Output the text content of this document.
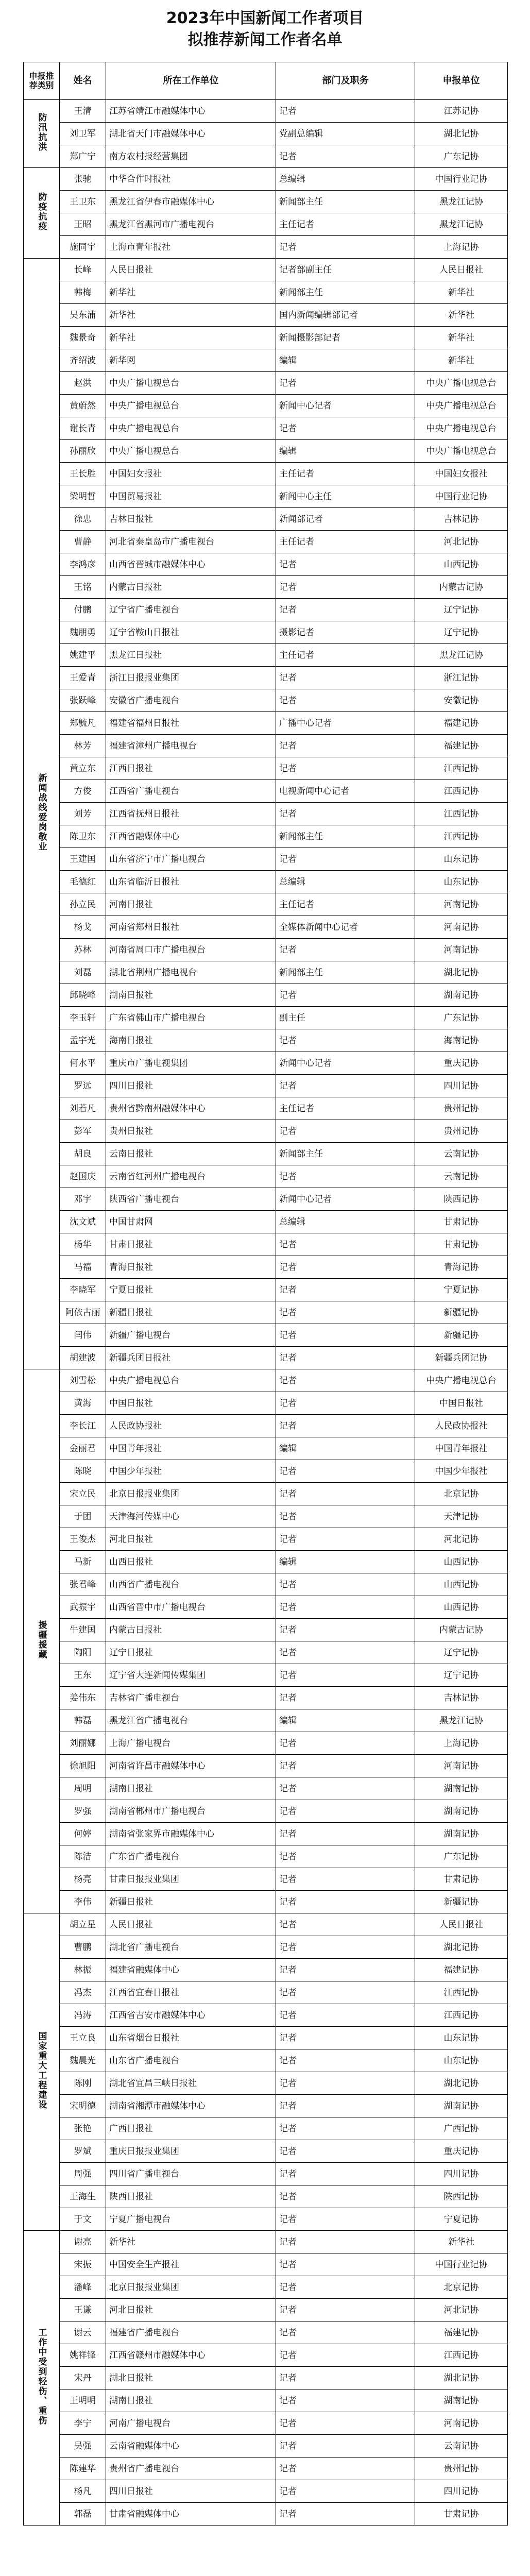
2023年中国新闻工作者项目
拟推荐新闻工作者名单
申报推荐类别	姓名	所在工作单位	部门及职务	申报单位
防汛抗洪	王清	江苏省靖江市融媒体中心	记者	江苏记协
	刘卫军	湖北省天门市融媒体中心	党副总编辑	湖北记协
	郑广宁	南方农村报经营集团	记者	广东记协
防疫抗疫	张驰	中华合作时报社	总编辑	中国行业记协
	王卫东	黑龙江省伊春市融媒体中心	新闻部主任	黑龙江记协
	王昭	黑龙江省黑河市广播电视台	主任记者	黑龙江记协
	施同宇	上海市青年报社	记者	上海记协
新闻战线爱岗敬业	长峰	人民日报社	记者部副主任	人民日报社
	韩梅	新华社	新闻部主任	新华社
	吴东浦	新华社	国内新闻编辑部记者	新华社
	魏景奇	新华社	新闻摄影部记者	新华社
	齐绍波	新华网	编辑	新华社
	赵洪	中央广播电视总台	记者	中央广播电视总台
	黄蔚然	中央广播电视总台	新闻中心记者	中央广播电视总台
	谢长青	中央广播电视总台	记者	中央广播电视总台
	孙丽欣	中央广播电视总台	编辑	中央广播电视总台
	王长胜	中国妇女报社	主任记者	中国妇女报社
	梁明哲	中国贸易报社	新闻中心主任	中国行业记协
	徐忠	吉林日报社	新闻部记者	吉林记协
	曹静	河北省秦皇岛市广播电视台	主任记者	河北记协
	李鸿彦	山西省晋城市融媒体中心	记者	山西记协
	王铭	内蒙古日报社	记者	内蒙古记协
	付鹏	辽宁省广播电视台	记者	辽宁记协
	魏朋勇	辽宁省鞍山日报社	摄影记者	辽宁记协
	姚建平	黑龙江日报社	主任记者	黑龙江记协
	王爱青	浙江日报报业集团	记者	浙江记协
	张跃峰	安徽省广播电视台	记者	安徽记协
	郑毓凡	福建省福州日报社	广播中心记者	福建记协
	林芳	福建省漳州广播电视台	记者	福建记协
	黄立东	江西日报社	记者	江西记协
	方俊	江西省广播电视台	电视新闻中心记者	江西记协
	刘芳	江西省抚州日报社	记者	江西记协
	陈卫东	江西省融媒体中心	新闻部主任	江西记协
	王建国	山东省济宁市广播电视台	记者	山东记协
	毛德红	山东省临沂日报社	总编辑	山东记协
	孙立民	河南日报社	主任记者	河南记协
	杨戈	河南省郑州日报社	全媒体新闻中心记者	河南记协
	苏林	河南省周口市广播电视台	记者	河南记协
	刘磊	湖北省荆州广播电视台	新闻部主任	湖北记协
	邱晓峰	湖南日报社	记者	湖南记协
	李玉轩	广东省佛山市广播电视台	副主任	广东记协
	孟宇光	海南日报社	记者	海南记协
	何水平	重庆市广播电视集团	新闻中心记者	重庆记协
	罗远	四川日报社	记者	四川记协
	刘若凡	贵州省黔南州融媒体中心	主任记者	贵州记协
	彭军	贵州日报社	记者	贵州记协
	胡良	云南日报社	新闻部主任	云南记协
	赵国庆	云南省红河州广播电视台	记者	云南记协
	邓宇	陕西省广播电视台	新闻中心记者	陕西记协
	沈文斌	中国甘肃网	总编辑	甘肃记协
	杨华	甘肃日报社	记者	甘肃记协
	马福	青海日报社	记者	青海记协
	李晓军	宁夏日报社	记者	宁夏记协
	阿依古丽	新疆日报社	记者	新疆记协
	闫伟	新疆广播电视台	记者	新疆记协
	胡建波	新疆兵团日报社	记者	新疆兵团记协
援疆援藏	刘雪松	中央广播电视总台	记者	中央广播电视总台
	黄海	中国日报社	记者	中国日报社
	李长江	人民政协报社	记者	人民政协报社
	金丽君	中国青年报社	编辑	中国青年报社
	陈晓	中国少年报社	记者	中国少年报社
	宋立民	北京日报报业集团	记者	北京记协
	于团	天津海河传媒中心	记者	天津记协
	王俊杰	河北日报社	记者	河北记协
	马新	山西日报社	编辑	山西记协
	张君峰	山西省广播电视台	记者	山西记协
	武振宇	山西省晋中市广播电视台	记者	山西记协
	牛建国	内蒙古日报社	记者	内蒙古记协
	陶阳	辽宁日报社	记者	辽宁记协
	王东	辽宁省大连新闻传媒集团	记者	辽宁记协
	姜伟东	吉林省广播电视台	记者	吉林记协
	韩磊	黑龙江省广播电视台	编辑	黑龙江记协
	刘丽娜	上海广播电视台	记者	上海记协
	徐旭阳	河南省许昌市融媒体中心	记者	河南记协
	周明	湖南日报社	记者	湖南记协
	罗强	湖南省郴州市广播电视台	记者	湖南记协
	何婷	湖南省张家界市融媒体中心	记者	湖南记协
	陈洁	广东省广播电视台	记者	广东记协
	杨亮	甘肃日报报业集团	记者	甘肃记协
	李伟	新疆日报社	记者	新疆记协
国家重大工程建设	胡立星	人民日报社	记者	人民日报社
	曹鹏	湖北省广播电视台	记者	湖北记协
	林振	福建省融媒体中心	记者	福建记协
	冯杰	江西省宜春日报社	记者	江西记协
	冯涛	江西省吉安市融媒体中心	记者	江西记协
	王立良	山东省烟台日报社	记者	山东记协
	魏晨光	山东省广播电视台	记者	山东记协
	陈刚	湖北省宜昌三峡日报社	记者	湖北记协
	宋明德	湖南省湘潭市融媒体中心	记者	湖南记协
	张艳	广西日报社	记者	广西记协
	罗斌	重庆日报报业集团	记者	重庆记协
	周强	四川省广播电视台	记者	四川记协
	王海生	陕西日报社	记者	陕西记协
	于文	宁夏广播电视台	记者	宁夏记协
工作中受到轻伤、重伤	谢亮	新华社	记者	新华社
	宋振	中国安全生产报社	记者	中国行业记协
	潘峰	北京日报报业集团	记者	北京记协
	王谦	河北日报社	记者	河北记协
	谢云	福建省广播电视台	记者	福建记协
	姚祥锋	江西省赣州市融媒体中心	记者	江西记协
	宋丹	湖北日报社	记者	湖北记协
	王明明	湖南日报社	记者	湖南记协
	李宁	河南广播电视台	记者	河南记协
	吴强	云南省融媒体中心	记者	云南记协
	陈建华	贵州省广播电视台	记者	贵州记协
	杨凡	四川日报社	记者	四川记协
	郭磊	甘肃省融媒体中心	记者	甘肃记协
